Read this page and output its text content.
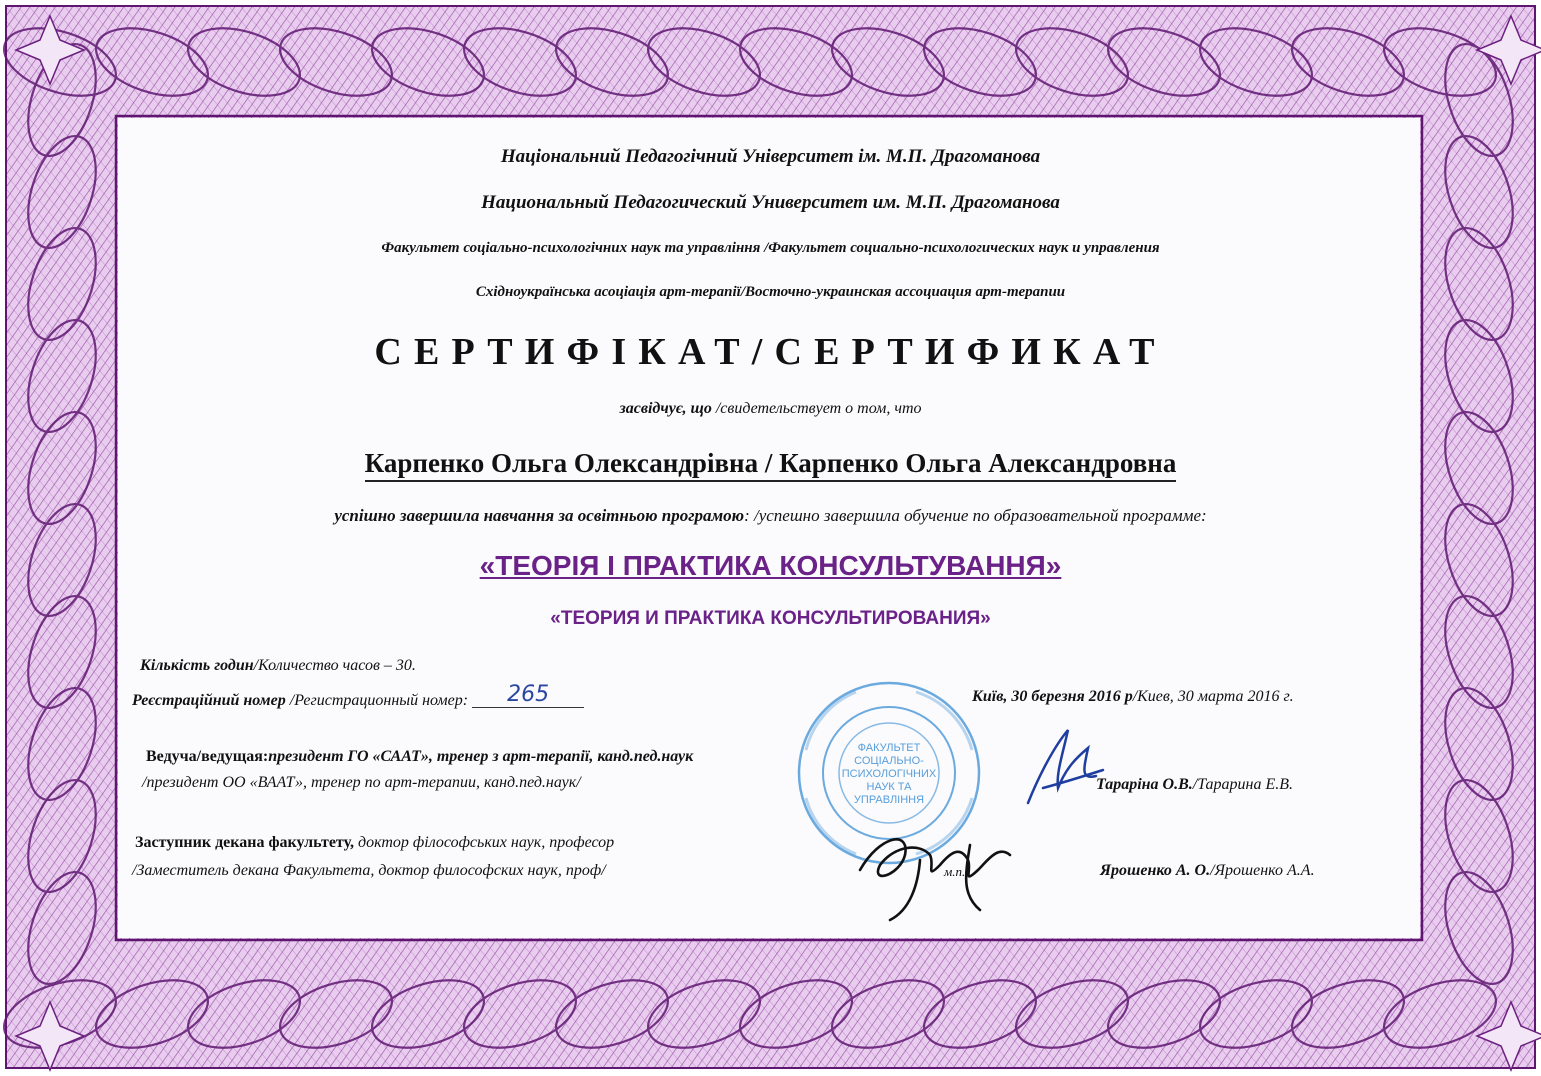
ФАКУЛЬТЕТ
СОЦІАЛЬНО-
ПСИХОЛОГІЧНИХ
НАУК ТА
УПРАВЛІННЯ
Національний Педагогічний Університет ім. М.П. Драгоманова
Национальный Педагогический Университет им. М.П. Драгоманова
Факультет соціально-психологічних наук та управління /Факультет социально-психологических наук и управления
Східноукраїнська асоціація арт-терапії/Восточно-украинская ассоциация арт-терапии
СЕРТИФІКАТ/СЕРТИФИКАТ
засвідчує, що /свидетельствует о том, что
Карпенко Ольга Олександрівна / Карпенко Ольга Александровна
успішно завершила навчання за освітньою програмою: /успешно завершила обучение по образовательной программе:
«ТЕОРІЯ І ПРАКТИКА КОНСУЛЬТУВАННЯ»
«ТЕОРИЯ И ПРАКТИКА КОНСУЛЬТИРОВАНИЯ»
Кількість годин/Количество часов – 30.
Реєстраційний номер /Регистрационный номер: 265	Київ, 30 березня 2016 р/Киев, 30 марта 2016 г.
Ведуча/ведущая:президент ГО «САAT», тренер з арт-терапії, канд.пед.наук
/президент ОО «ВААТ», тренер по арт-терапии, канд.пед.наук/	Тараріна О.В./Тарарина Е.В.
Заступник декана факультету, доктор філософських наук, професор
/Заместитель декана Факультета, доктор философских наук, проф/	м.п.	Ярошенко А. О./Ярошенко А.А.
